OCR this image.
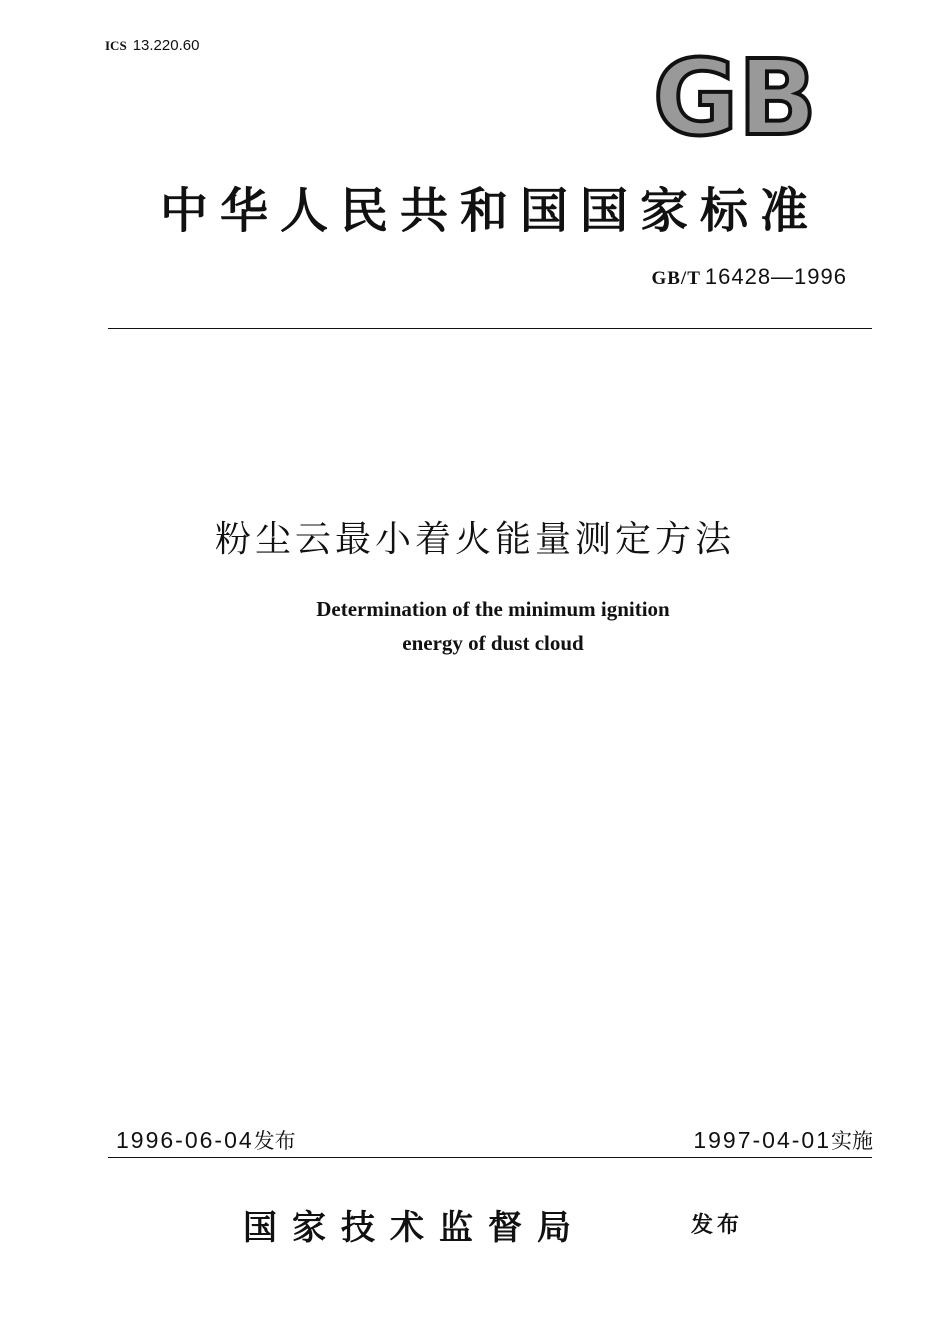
ICS 13.220.60	GB
中华人民共和国国家标准
GB/T 16428—1996
粉尘云最小着火能量测定方法
Determination of the minimum ignition
energy of dust cloud
1996-06-04发布	1997-04-01实施
国家技术监督局	发布
